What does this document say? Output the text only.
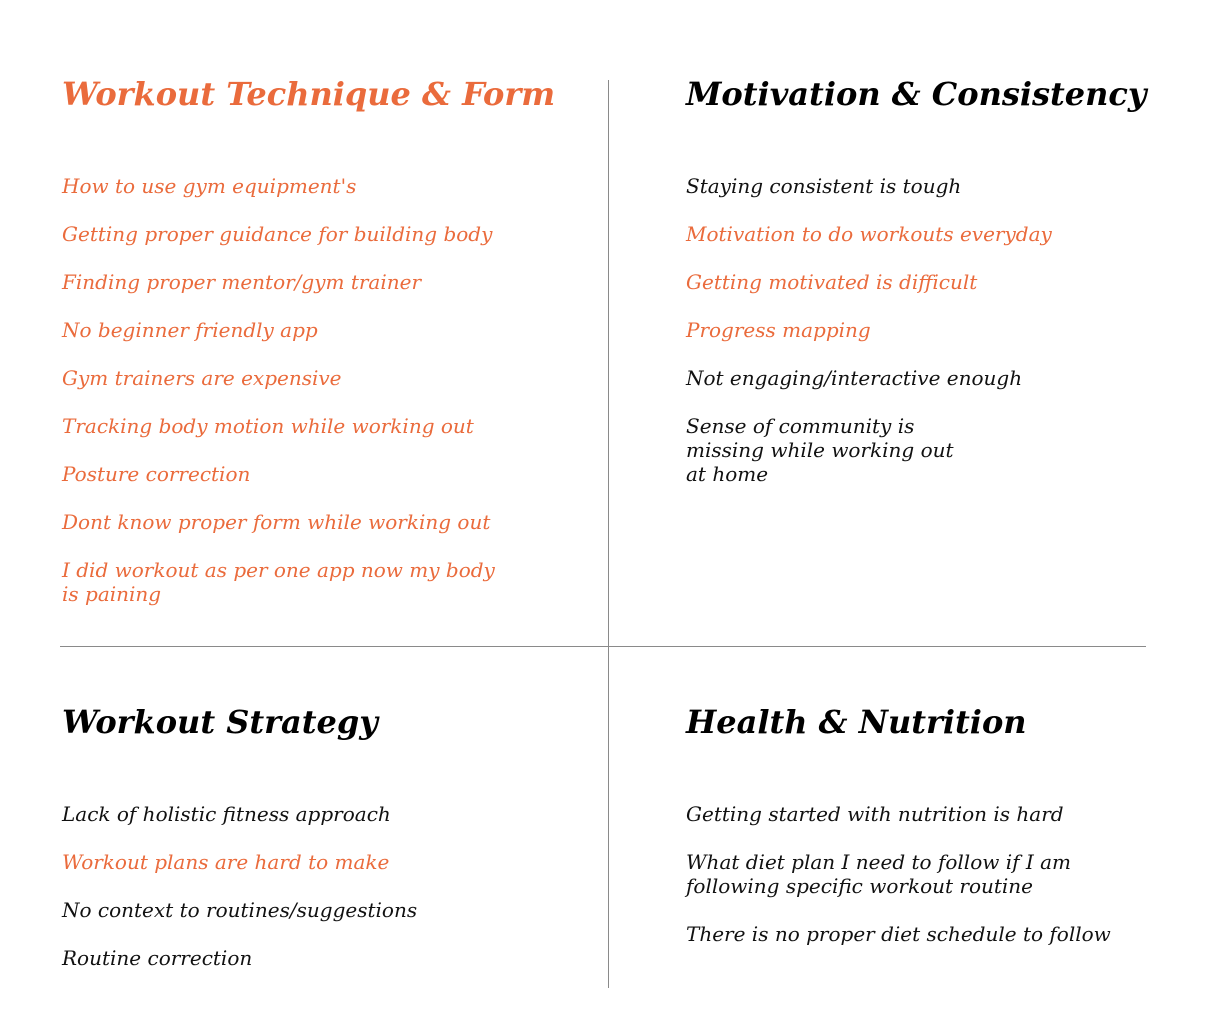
Workout Technique & Form
How to use gym equipment's
Getting proper guidance for building body
Finding proper mentor/gym trainer
No beginner friendly app
Gym trainers are expensive
Tracking body motion while working out
Posture correction
Dont know proper form while working out
I did workout as per one app now my body
is paining
Motivation & Consistency
Staying consistent is tough
Motivation to do workouts everyday
Getting motivated is difficult
Progress mapping
Not engaging/interactive enough
Sense of community is
missing while working out
at home
Workout Strategy
Lack of holistic fitness approach
Workout plans are hard to make
No context to routines/suggestions
Routine correction
Health & Nutrition
Getting started with nutrition is hard
What diet plan I need to follow if I am
following specific workout routine
There is no proper diet schedule to follow
